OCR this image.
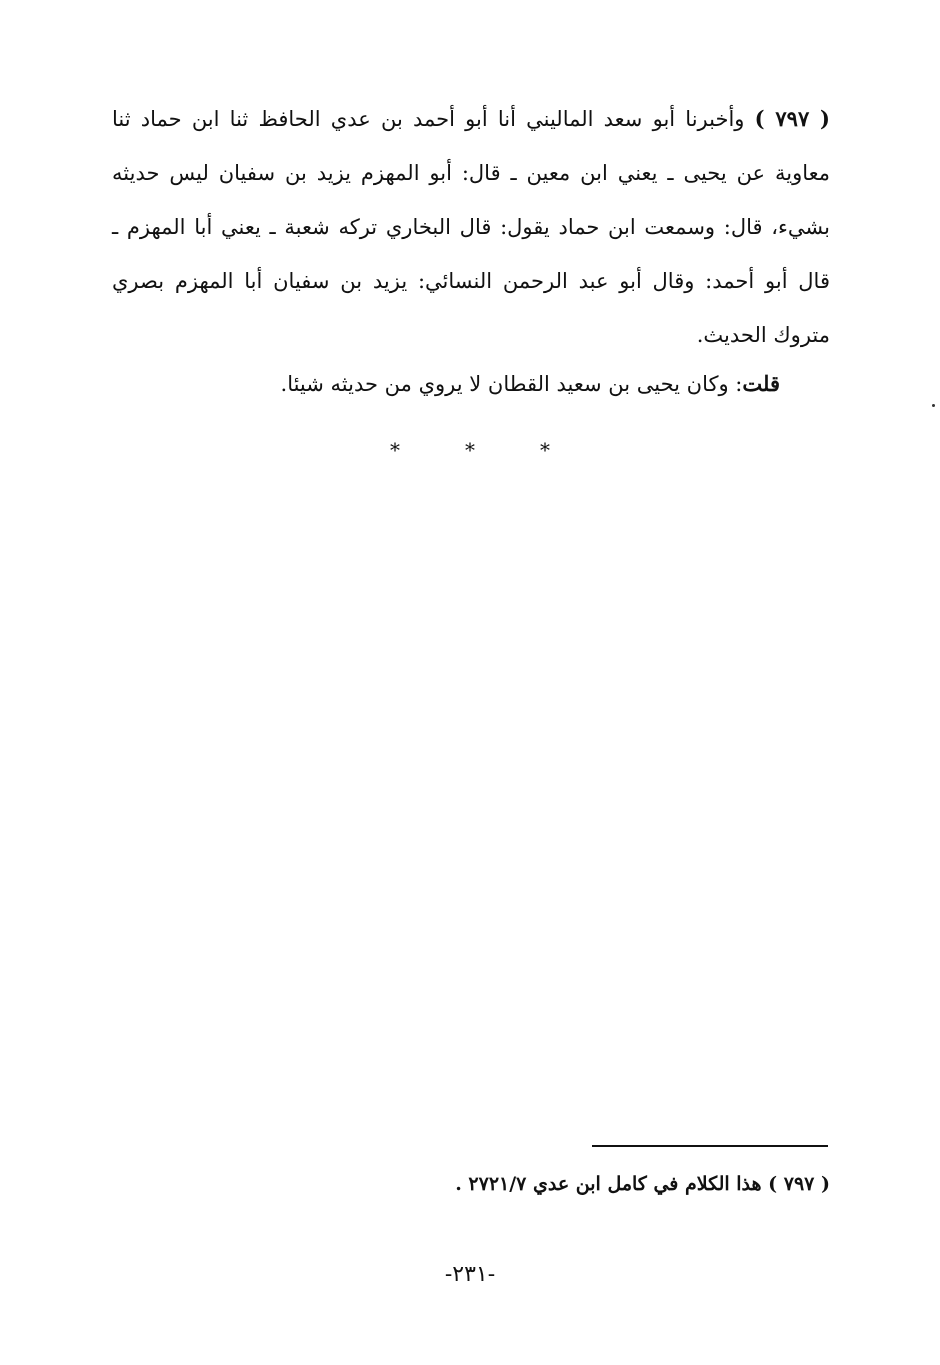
( ٧٩٧ ) وأخبرنا أبو سعد الماليني أنا أبو أحمد بن عدي الحافظ ثنا ابن حماد ثنا معاوية عن يحيى ـ يعني ابن معين ـ قال: أبو المهزم يزيد بن سفيان ليس حديثه بشيء، قال: وسمعت ابن حماد يقول: قال البخاري تركه شعبة ـ يعني أبا المهزم ـ قال أبو أحمد: وقال أبو عبد الرحمن النسائي: يزيد بن سفيان أبا المهزم بصري متروك الحديث.
قلت: وكان يحيى بن سعيد القطان لا يروي من حديثه شيئا.
*	*	*
( ٧٩٧ ) هذا الكلام في كامل ابن عدي ٢٧٢١/٧ .
-٢٣١-
